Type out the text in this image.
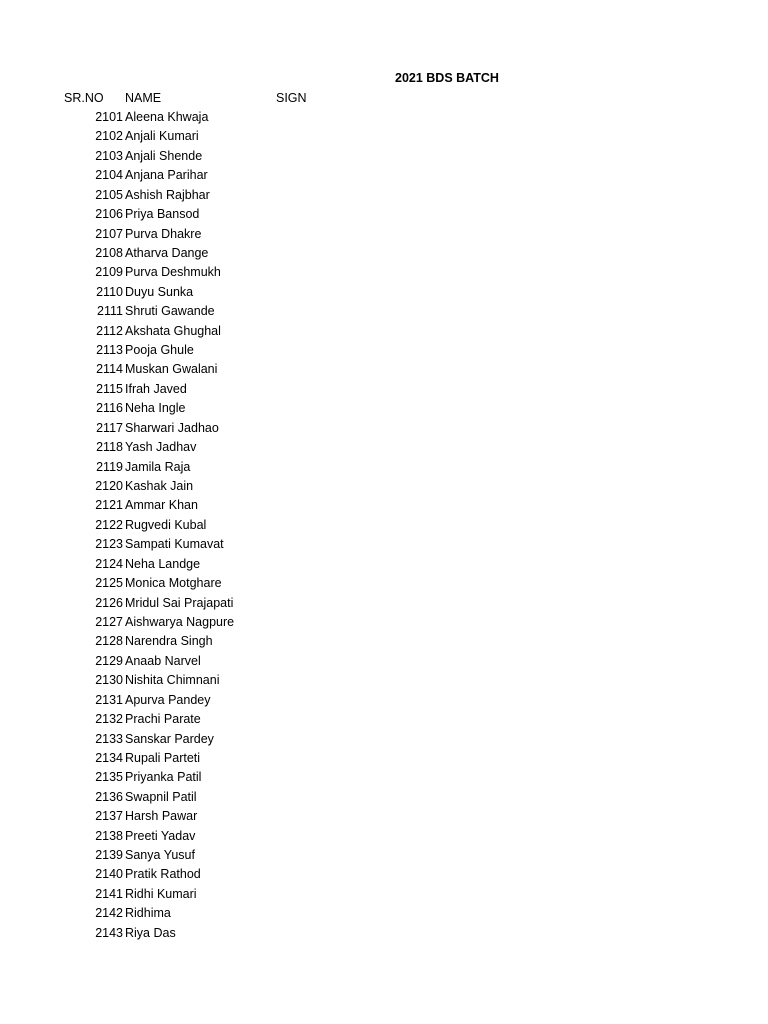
2021 BDS BATCH
SR.NO NAME	SIGN
2101 Aleena Khwaja
2102 Anjali Kumari
2103 Anjali Shende
2104 Anjana Parihar
2105 Ashish Rajbhar
2106 Priya Bansod
2107 Purva Dhakre
2108 Atharva Dange
2109 Purva Deshmukh
2110 Duyu Sunka
2111 Shruti Gawande
2112 Akshata Ghughal
2113 Pooja Ghule
2114 Muskan Gwalani
2115 Ifrah Javed
2116 Neha Ingle
2117 Sharwari Jadhao
2118 Yash Jadhav
2119 Jamila Raja
2120 Kashak Jain
2121 Ammar Khan
2122 Rugvedi Kubal
2123 Sampati Kumavat
2124 Neha Landge
2125 Monica Motghare
2126 Mridul Sai Prajapati
2127 Aishwarya Nagpure
2128 Narendra Singh
2129 Anaab Narvel
2130 Nishita Chimnani
2131 Apurva Pandey
2132 Prachi Parate
2133 Sanskar Pardey
2134 Rupali Parteti
2135 Priyanka Patil
2136 Swapnil Patil
2137 Harsh Pawar
2138 Preeti Yadav
2139 Sanya Yusuf
2140 Pratik Rathod
2141 Ridhi Kumari
2142 Ridhima
2143 Riya Das
